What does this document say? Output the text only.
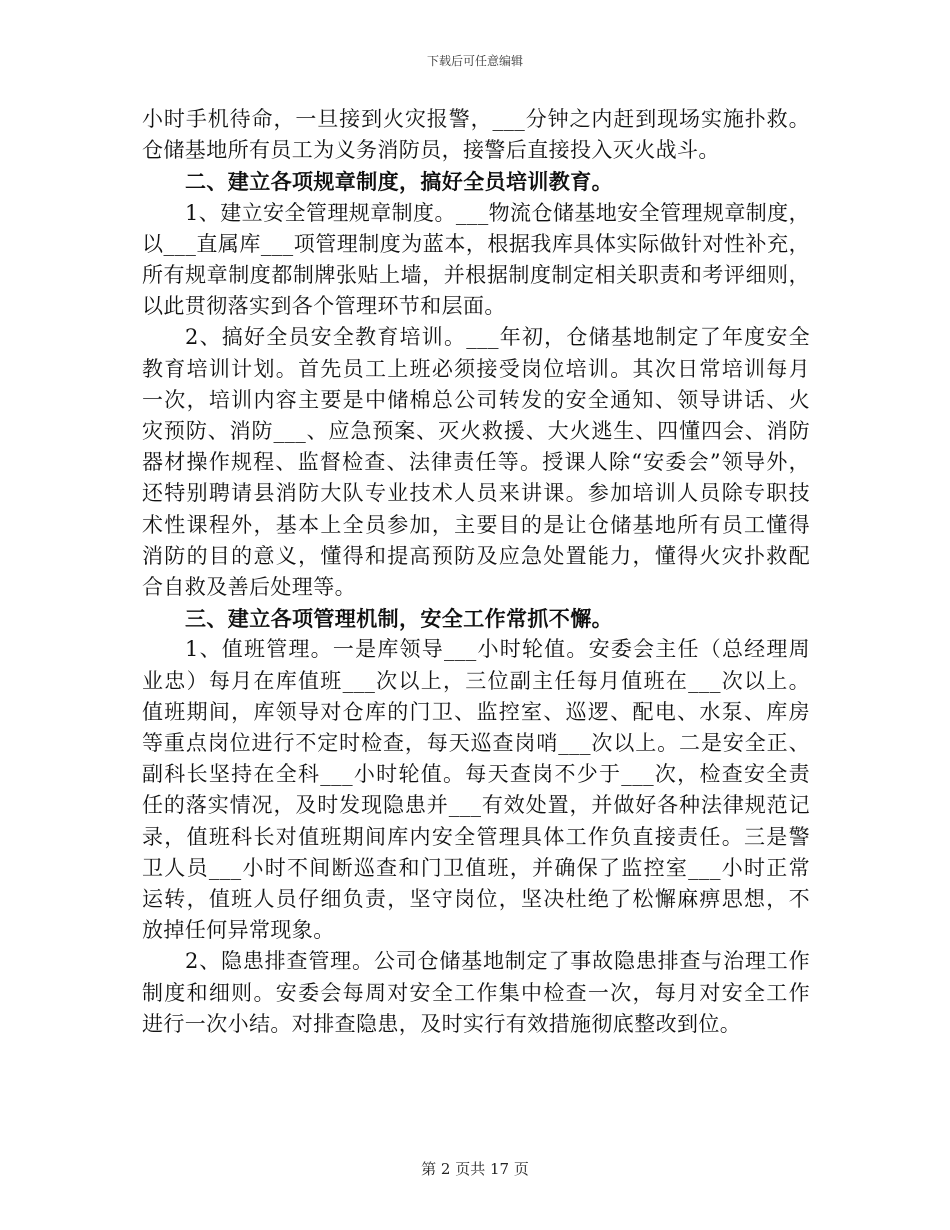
下载后可任意编辑
小时手机待命，一旦接到火灾报警，___分钟之内赶到现场实施扑救。
仓储基地所有员工为义务消防员，接警后直接投入灭火战斗。
二、建立各项规章制度，搞好全员培训教育。
1、建立安全管理规章制度。___物流仓储基地安全管理规章制度，
以___直属库___项管理制度为蓝本，根据我库具体实际做针对性补充，
所有规章制度都制牌张贴上墙，并根据制度制定相关职责和考评细则，
以此贯彻落实到各个管理环节和层面。
2、搞好全员安全教育培训。___年初，仓储基地制定了年度安全
教育培训计划。首先员工上班必须接受岗位培训。其次日常培训每月
一次，培训内容主要是中储棉总公司转发的安全通知、领导讲话、火
灾预防、消防___、应急预案、灭火救援、大火逃生、四懂四会、消防
器材操作规程、监督检查、法律责任等。授课人除“安委会”领导外，
还特别聘请县消防大队专业技术人员来讲课。参加培训人员除专职技
术性课程外，基本上全员参加，主要目的是让仓储基地所有员工懂得
消防的目的意义，懂得和提高预防及应急处置能力，懂得火灾扑救配
合自救及善后处理等。
三、建立各项管理机制，安全工作常抓不懈。
1、值班管理。一是库领导___小时轮值。安委会主任（总经理周
业忠）每月在库值班___次以上，三位副主任每月值班在___次以上。
值班期间，库领导对仓库的门卫、监控室、巡逻、配电、水泵、库房
等重点岗位进行不定时检查，每天巡查岗哨___次以上。二是安全正、
副科长坚持在全科___小时轮值。每天查岗不少于___次，检查安全责
任的落实情况，及时发现隐患并___有效处置，并做好各种法律规范记
录，值班科长对值班期间库内安全管理具体工作负直接责任。三是警
卫人员___小时不间断巡查和门卫值班，并确保了监控室___小时正常
运转，值班人员仔细负责，坚守岗位，坚决杜绝了松懈麻痹思想，不
放掉任何异常现象。
2、隐患排查管理。公司仓储基地制定了事故隐患排查与治理工作
制度和细则。安委会每周对安全工作集中检查一次，每月对安全工作
进行一次小结。对排查隐患，及时实行有效措施彻底整改到位。
第 2 页共 17 页
